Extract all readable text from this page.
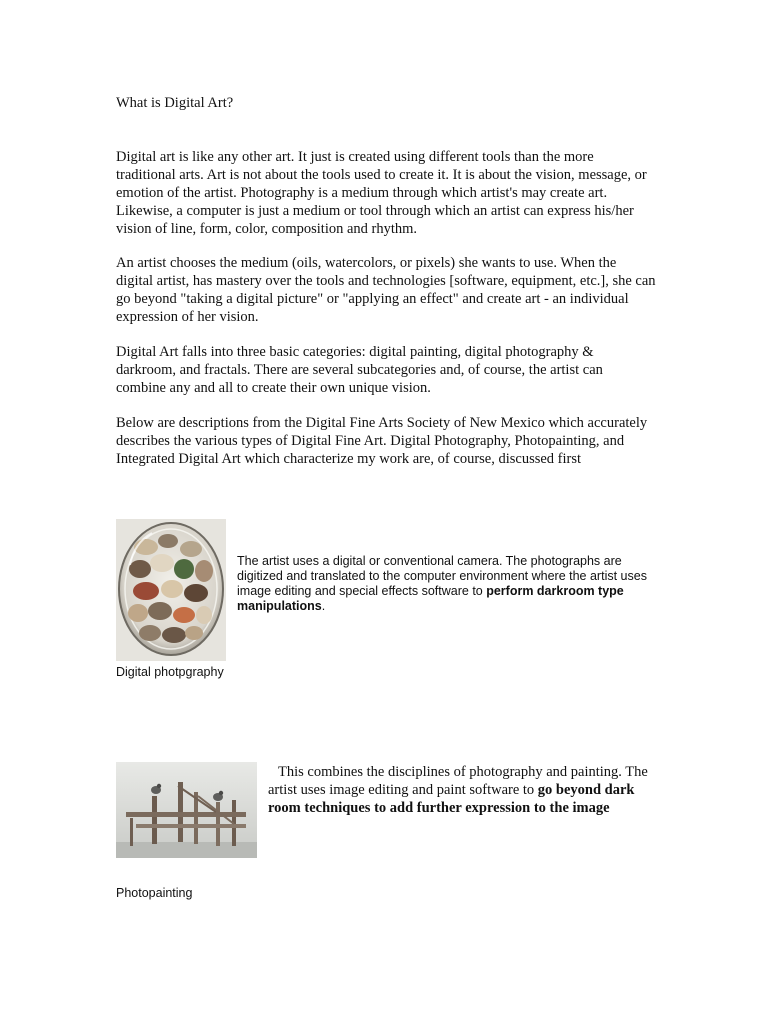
What is Digital Art?

Digital art is like any other art. It just is created using different tools than the more traditional arts. Art is not about the tools used to create it. It is about the vision, message, or emotion of the artist. Photography is a medium through which artist's may create art. Likewise, a computer is just a medium or tool through which an artist can express his/her vision of line, form, color, composition and rhythm.

An artist chooses the medium (oils, watercolors, or pixels) she wants to use. When the digital artist, has mastery over the tools and technologies [software, equipment, etc.], she can go beyond "taking a digital picture" or "applying an effect" and create art - an individual expression of her vision.

Digital Art falls into three basic categories: digital painting, digital photography & darkroom, and fractals. There are several subcategories and, of course, the artist can combine any and all to create their own unique vision.

Below are descriptions from the Digital Fine Arts Society of New Mexico which accurately describes the various types of Digital Fine Art. Digital Photography, Photopainting, and Integrated Digital Art which characterize my work are, of course, discussed first

Digital photpgraphy

The artist uses a digital or conventional camera. The photographs are digitized and translated to the computer environment where the artist uses image editing and special effects software to perform darkroom type manipulations.

Photopainting

This combines the disciplines of photography and painting. The artist uses image editing and paint software to go beyond dark room techniques to add further expression to the image
